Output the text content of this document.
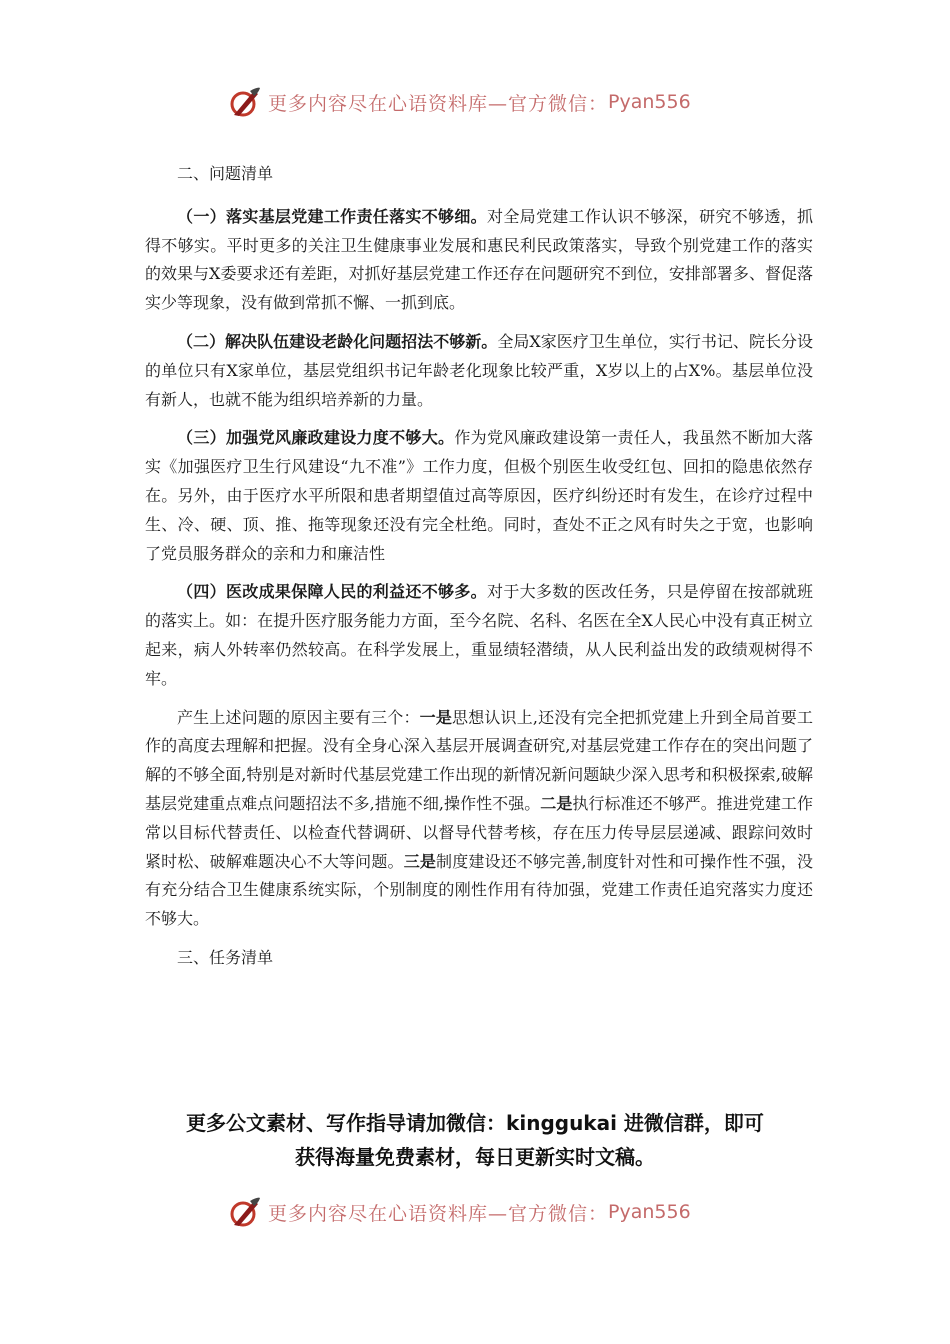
更多内容尽在心语资料库—官方微信： Pyan556

二、问题清单

（一）落实基层党建工作责任落实不够细。对全局党建工作认识不够深，研究不够透，抓得不够实。平时更多的关注卫生健康事业发展和惠民利民政策落实，导致个别党建工作的落实的效果与X委要求还有差距，对抓好基层党建工作还存在问题研究不到位，安排部署多、督促落实少等现象，没有做到常抓不懈、一抓到底。

（二）解决队伍建设老龄化问题招法不够新。全局X家医疗卫生单位，实行书记、院长分设的单位只有X家单位，基层党组织书记年龄老化现象比较严重，X岁以上的占X%。基层单位没有新人，也就不能为组织培养新的力量。

（三）加强党风廉政建设力度不够大。作为党风廉政建设第一责任人，我虽然不断加大落实《加强医疗卫生行风建设“九不准”》工作力度，但极个别医生收受红包、回扣的隐患依然存在。另外，由于医疗水平所限和患者期望值过高等原因，医疗纠纷还时有发生，在诊疗过程中生、冷、硬、顶、推、拖等现象还没有完全杜绝。同时，查处不正之风有时失之于宽，也影响了党员服务群众的亲和力和廉洁性

（四）医改成果保障人民的利益还不够多。对于大多数的医改任务，只是停留在按部就班的落实上。如：在提升医疗服务能力方面，至今名院、名科、名医在全X人民心中没有真正树立起来，病人外转率仍然较高。在科学发展上，重显绩轻潜绩，从人民利益出发的政绩观树得不牢。

产生上述问题的原因主要有三个：一是思想认识上,还没有完全把抓党建上升到全局首要工作的高度去理解和把握。没有全身心深入基层开展调查研究,对基层党建工作存在的突出问题了解的不够全面,特别是对新时代基层党建工作出现的新情况新问题缺少深入思考和积极探索,破解基层党建重点难点问题招法不多,措施不细,操作性不强。二是执行标准还不够严。推进党建工作常以目标代替责任、以检查代替调研、以督导代替考核，存在压力传导层层递减、跟踪问效时紧时松、破解难题决心不大等问题。三是制度建设还不够完善,制度针对性和可操作性不强，没有充分结合卫生健康系统实际，个别制度的刚性作用有待加强，党建工作责任追究落实力度还不够大。

三、任务清单

更多公文素材、写作指导请加微信：kinggukai 进微信群，即可
获得海量免费素材，每日更新实时文稿。
更多内容尽在心语资料库—官方微信： Pyan556
